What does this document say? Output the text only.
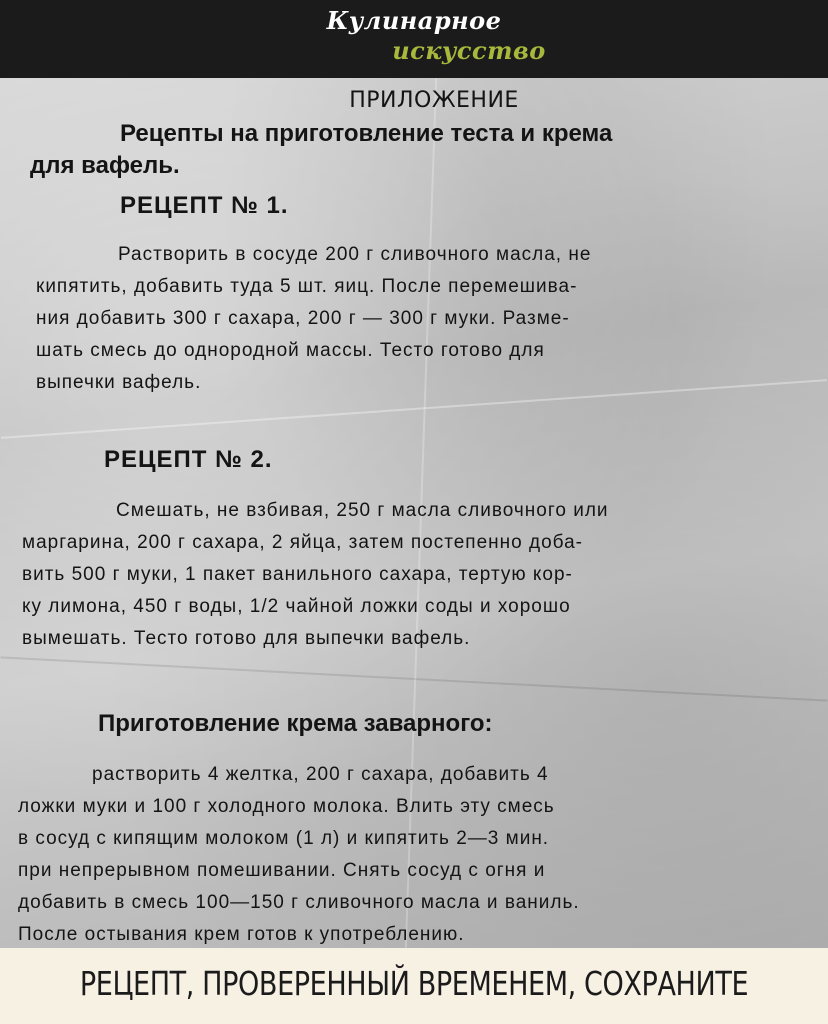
Кулинарное
искусство
ПРИЛОЖЕНИЕ
Рецепты на приготовление теста и крема
для вафель.
РЕЦЕПТ № 1.
Растворить в сосуде 200 г сливочного масла, не
кипятить, добавить туда 5 шт. яиц. После перемешива-
ния добавить 300 г сахара, 200 г — 300 г муки. Разме-
шать смесь до однородной массы. Тесто готово для
выпечки вафель.
РЕЦЕПТ № 2.
Смешать, не взбивая, 250 г масла сливочного или
маргарина, 200 г сахара, 2 яйца, затем постепенно доба-
вить 500 г муки, 1 пакет ванильного сахара, тертую кор-
ку лимона, 450 г воды, 1/2 чайной ложки соды и хорошо
вымешать. Тесто готово для выпечки вафель.
Приготовление крема заварного:
растворить 4 желтка, 200 г сахара, добавить 4
ложки муки и 100 г холодного молока. Влить эту смесь
в сосуд с кипящим молоком (1 л) и кипятить 2—3 мин.
при непрерывном помешивании. Снять сосуд с огня и
добавить в смесь 100—150 г сливочного масла и ваниль.
После остывания крем готов к употреблению.
РЕЦЕПТ, ПРОВЕРЕННЫЙ ВРЕМЕНЕМ, СОХРАНИТЕ
